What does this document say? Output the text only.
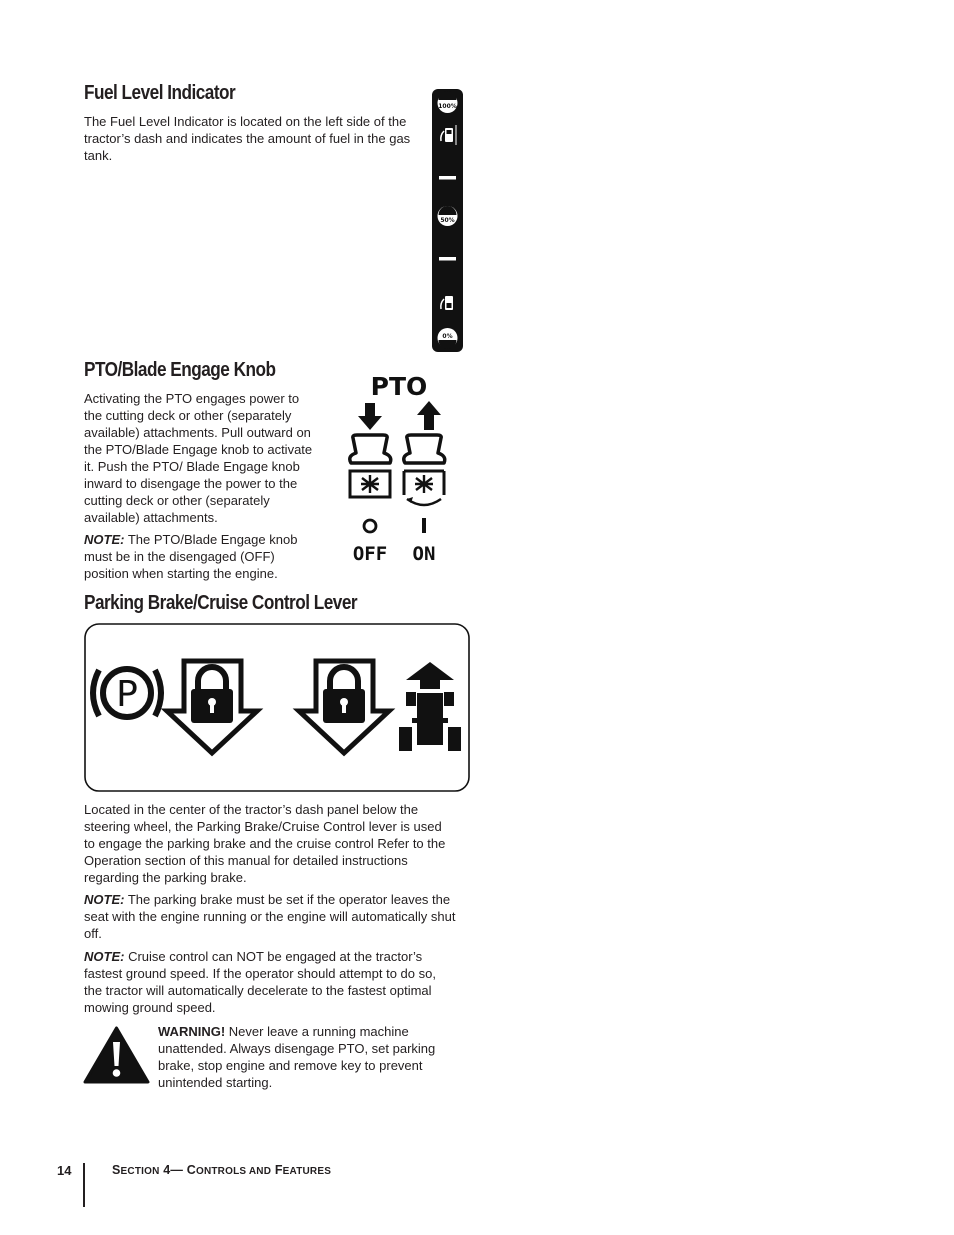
Fuel Level Indicator

The Fuel Level Indicator is located on the left side of the tractor’s dash and indicates the amount of fuel in the gas tank.

100%
50%
0%
PTO/Blade Engage Knob

Activating the PTO engages power to the cutting deck or other (separately available) attachments. Pull outward on the PTO/Blade Engage knob to activate it. Push the PTO/ Blade Engage knob inward to disengage the power to the cutting deck or other (separately available) attachments.

NOTE: The PTO/Blade Engage knob must be in the disengaged (OFF) position when starting the engine.

PTO
OFF ON
Parking Brake/Cruise Control Lever
P

Located in the center of the tractor’s dash panel below the steering wheel, the Parking Brake/Cruise Control lever is used to engage the parking brake and the cruise control Refer to the Operation section of this manual for detailed instructions regarding the parking brake.

NOTE: The parking brake must be set if the operator leaves the seat with the engine running or the engine will automatically shut off.

NOTE: Cruise control can NOT be engaged at the tractor’s fastest ground speed. If the operator should attempt to do so, the tractor will automatically decelerate to the fastest optimal mowing ground speed.

WARNING! Never leave a running machine unattended. Always disengage PTO, set parking brake, stop engine and remove key to prevent unintended starting.

14	SECTION 4— CONTROLS AND FEATURES
